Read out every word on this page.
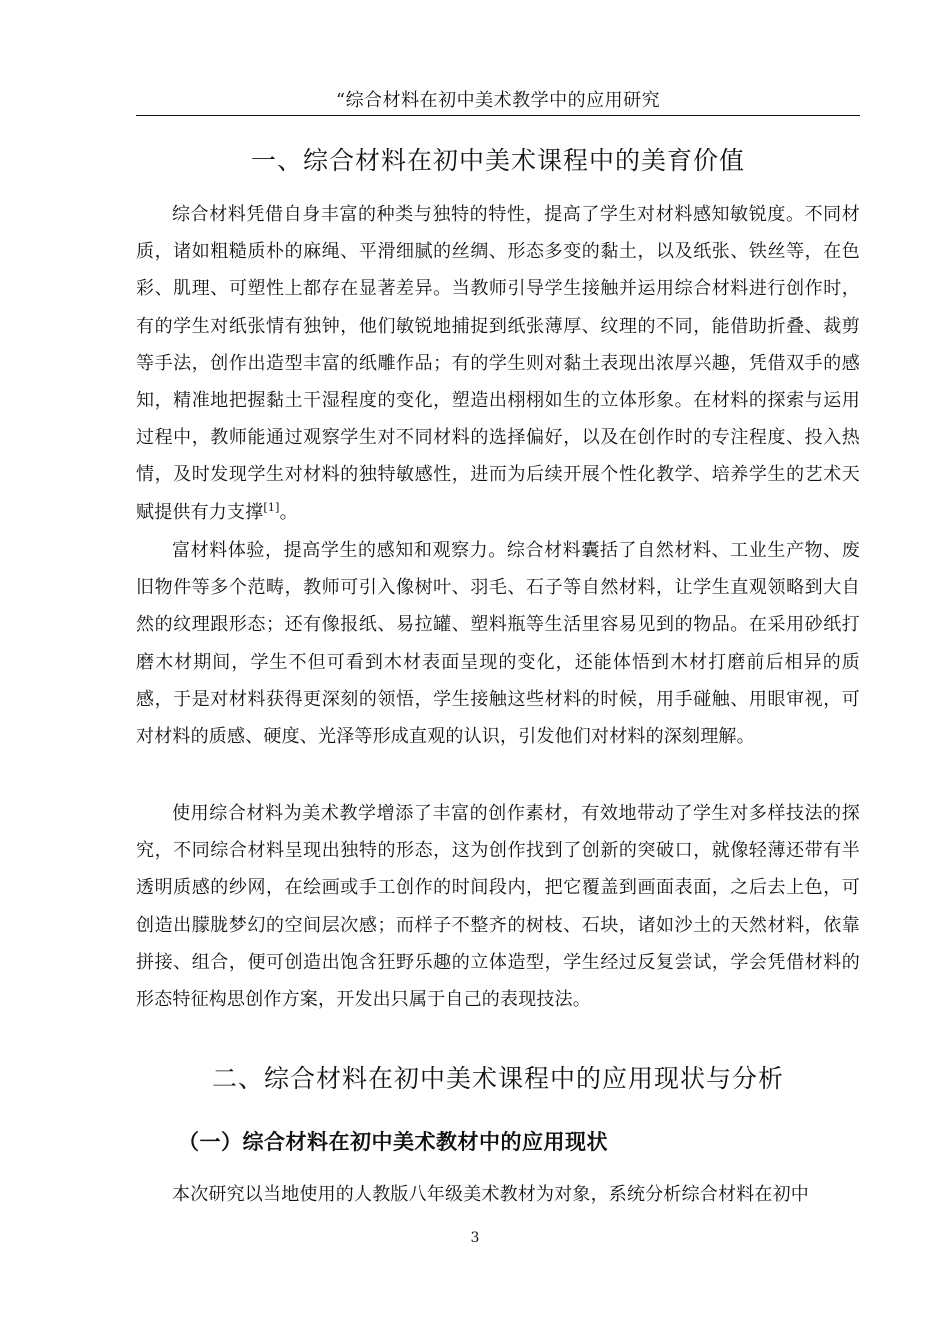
“综合材料在初中美术教学中的应用研究
一、综合材料在初中美术课程中的美育价值

综合材料凭借自身丰富的种类与独特的特性，提高了学生对材料感知敏锐度。不同材质，诸如粗糙质朴的麻绳、平滑细腻的丝绸、形态多变的黏土，以及纸张、铁丝等，在色彩、肌理、可塑性上都存在显著差异。当教师引导学生接触并运用综合材料进行创作时，有的学生对纸张情有独钟，他们敏锐地捕捉到纸张薄厚、纹理的不同，能借助折叠、裁剪等手法，创作出造型丰富的纸雕作品；有的学生则对黏土表现出浓厚兴趣，凭借双手的感知，精准地把握黏土干湿程度的变化，塑造出栩栩如生的立体形象。在材料的探索与运用过程中，教师能通过观察学生对不同材料的选择偏好，以及在创作时的专注程度、投入热情，及时发现学生对材料的独特敏感性，进而为后续开展个性化教学、培养学生的艺术天赋提供有力支撑[1]。

富材料体验，提高学生的感知和观察力。综合材料囊括了自然材料、工业生产物、废旧物件等多个范畴，教师可引入像树叶、羽毛、石子等自然材料，让学生直观领略到大自然的纹理跟形态；还有像报纸、易拉罐、塑料瓶等生活里容易见到的物品。在采用砂纸打磨木材期间，学生不但可看到木材表面呈现的变化，还能体悟到木材打磨前后相异的质感，于是对材料获得更深刻的领悟，学生接触这些材料的时候，用手碰触、用眼审视，可对材料的质感、硬度、光泽等形成直观的认识，引发他们对材料的深刻理解。

使用综合材料为美术教学增添了丰富的创作素材，有效地带动了学生对多样技法的探究，不同综合材料呈现出独特的形态，这为创作找到了创新的突破口，就像轻薄还带有半透明质感的纱网，在绘画或手工创作的时间段内，把它覆盖到画面表面，之后去上色，可创造出朦胧梦幻的空间层次感；而样子不整齐的树枝、石块，诸如沙土的天然材料，依靠拼接、组合，便可创造出饱含狂野乐趣的立体造型，学生经过反复尝试，学会凭借材料的形态特征构思创作方案，开发出只属于自己的表现技法。

二、综合材料在初中美术课程中的应用现状与分析
（一）综合材料在初中美术教材中的应用现状

本次研究以当地使用的人教版八年级美术教材为对象，系统分析综合材料在初中

3
